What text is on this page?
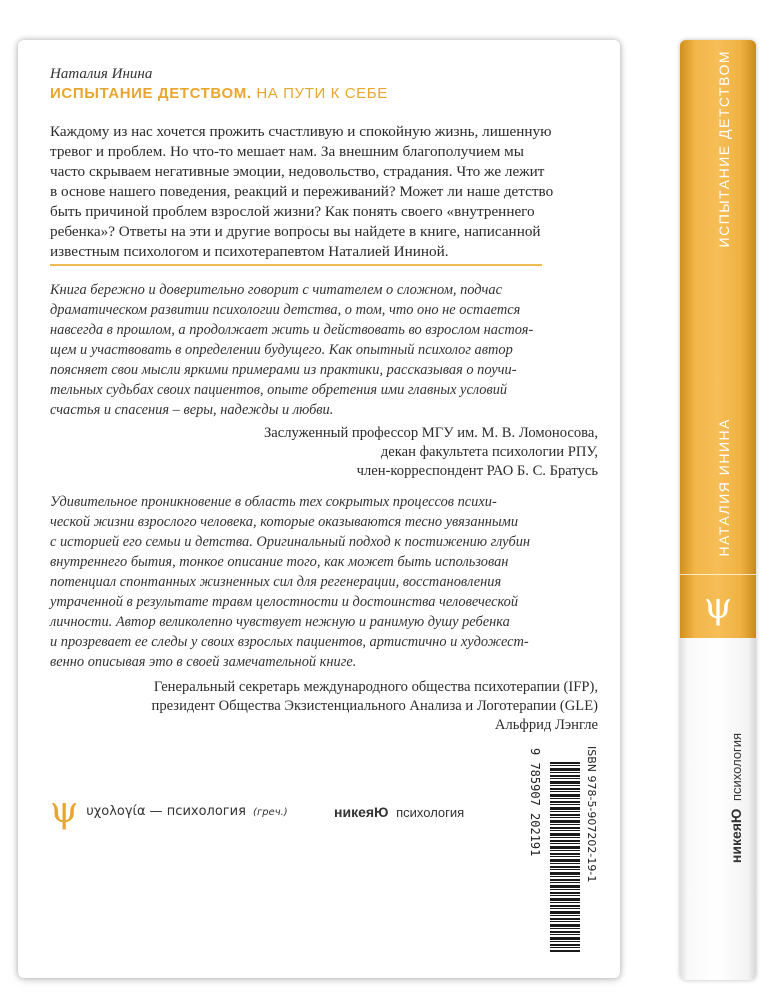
Наталия Инина
ИСПЫТАНИЕ ДЕТСТВОМ. НА ПУТИ К СЕБЕ
Каждому из нас хочется прожить счастливую и спокойную жизнь, лишенную
тревог и проблем. Но что-то мешает нам. За внешним благополучием мы
часто скрываем негативные эмоции, недовольство, страдания. Что же лежит
в основе нашего поведения, реакций и переживаний? Может ли наше детство
быть причиной проблем взрослой жизни? Как понять своего «внутреннего
ребенка»? Ответы на эти и другие вопросы вы найдете в книге, написанной
известным психологом и психотерапевтом Наталией Ининой.
Книга бережно и доверительно говорит с читателем о сложном, подчас
драматическом развитии психологии детства, о том, что оно не остается
навсегда в прошлом, а продолжает жить и действовать во взрослом настоя-
щем и участвовать в определении будущего. Как опытный психолог автор
поясняет свои мысли яркими примерами из практики, рассказывая о поучи-
тельных судьбах своих пациентов, опыте обретения ими главных условий
счастья и спасения – веры, надежды и любви.
Заслуженный профессор МГУ им. М. В. Ломоносова,
декан факультета психологии РПУ,
член-корреспондент РАО Б. С. Братусь
Удивительное проникновение в область тех сокрытых процессов психи-
ческой жизни взрослого человека, которые оказываются тесно увязанными
с историей его семьи и детства. Оригинальный подход к постижению глубин
внутреннего бытия, тонкое описание того, как может быть использован
потенциал спонтанных жизненных сил для регенерации, восстановления
утраченной в результате травм целостности и достоинства человеческой
личности. Автор великолепно чувствует нежную и ранимую душу ребенка
и прозревает ее следы у своих взрослых пациентов, артистично и художест-
венно описывая это в своей замечательной книге.
Генеральный секретарь международного общества психотерапии (IFP),
президент Общества Экзистенциального Анализа и Логотерапии (GLE)
Альфрид Лэнгле
ψ υχολογία — психология (греч.)	никеяЮ психология	ISBN 978-5-907202-19-1
9 785907 202191
ИСПЫТАНИЕ ДЕТСТВОМ
НАТАЛИЯ ИНИНА
ψ
никеяЮ психология
